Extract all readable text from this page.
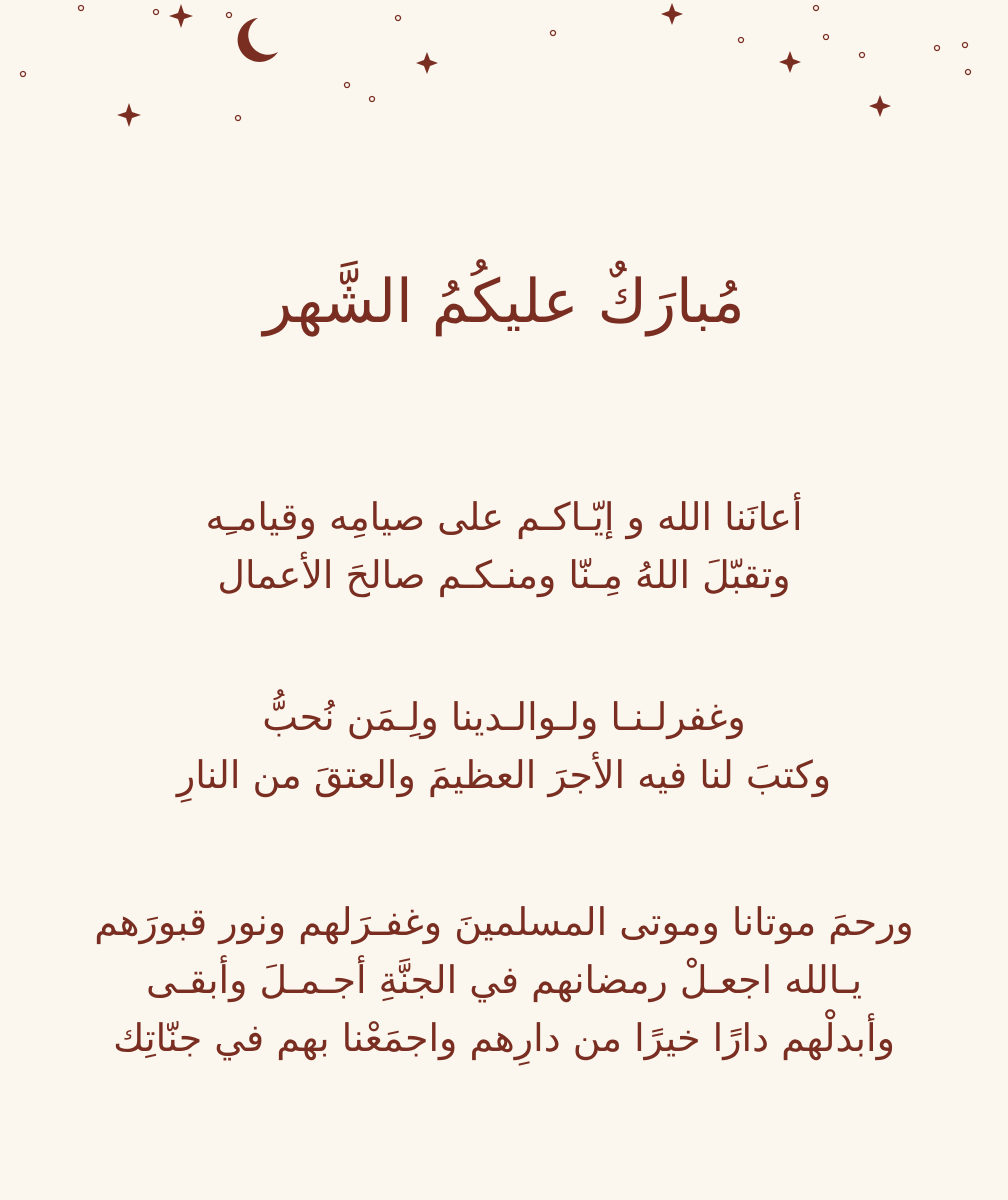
مُبارَكٌ عليكُمُ الشَّهر
أعانَنا الله و إيّـاكـم على صيامِه وقيامـِه
وتقبّلَ اللهُ مِـنّا ومنـكـم صالحَ الأعمال
وغفرلـنـا ولـوالـدينا ولِـمَن نُحبُّ
وكتبَ لنا فيه الأجرَ العظيمَ والعتقَ من النارِ
ورحمَ موتانا وموتى المسلمينَ وغفـرَلهم ونور قبورَهم
يـالله اجعـلْ رمضانهم في الجنَّةِ أجـمـلَ وأبقـى
وأبدلْهم دارًا خيرًا من دارِهم واجمَعْنا بهم في جنّاتِك
